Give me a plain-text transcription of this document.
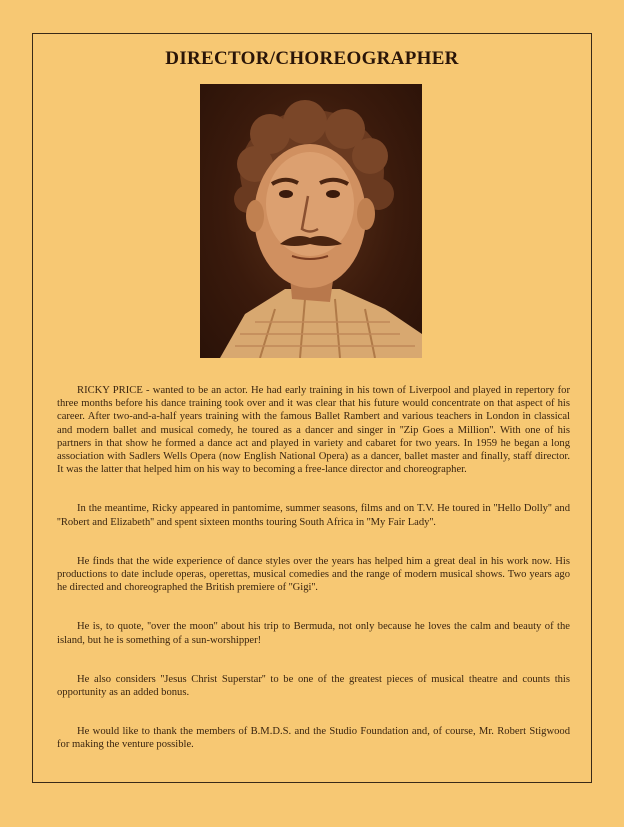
DIRECTOR/CHOREOGRAPHER

RICKY PRICE - wanted to be an actor. He had early training in his town of Liverpool and played in repertory for three months before his dance training took over and it was clear that his future would concentrate on that aspect of his career. After two-and-a-half years training with the famous Ballet Rambert and various teachers in London in classical and modern ballet and musical comedy, he toured as a dancer and singer in ''Zip Goes a Million''. With one of his partners in that show he formed a dance act and played in variety and cabaret for two years. In 1959 he began a long association with Sadlers Wells Opera (now English National Opera) as a dancer, ballet master and finally, staff director. It was the latter that helped him on his way to becoming a free-lance director and choreographer.

In the meantime, Ricky appeared in pantomime, summer seasons, films and on T.V. He toured in ''Hello Dolly'' and ''Robert and Elizabeth'' and spent sixteen months touring South Africa in ''My Fair Lady''.

He finds that the wide experience of dance styles over the years has helped him a great deal in his work now. His productions to date include operas, operettas, musical comedies and the range of modern musical shows. Two years ago he directed and choreographed the British premiere of ''Gigi''.

He is, to quote, ''over the moon'' about his trip to Bermuda, not only because he loves the calm and beauty of the island, but he is something of a sun-worshipper!

He also considers ''Jesus Christ Superstar'' to be one of the greatest pieces of musical theatre and counts this opportunity as an added bonus.

He would like to thank the members of B.M.D.S. and the Studio Foundation and, of course, Mr. Robert Stigwood for making the venture possible.
